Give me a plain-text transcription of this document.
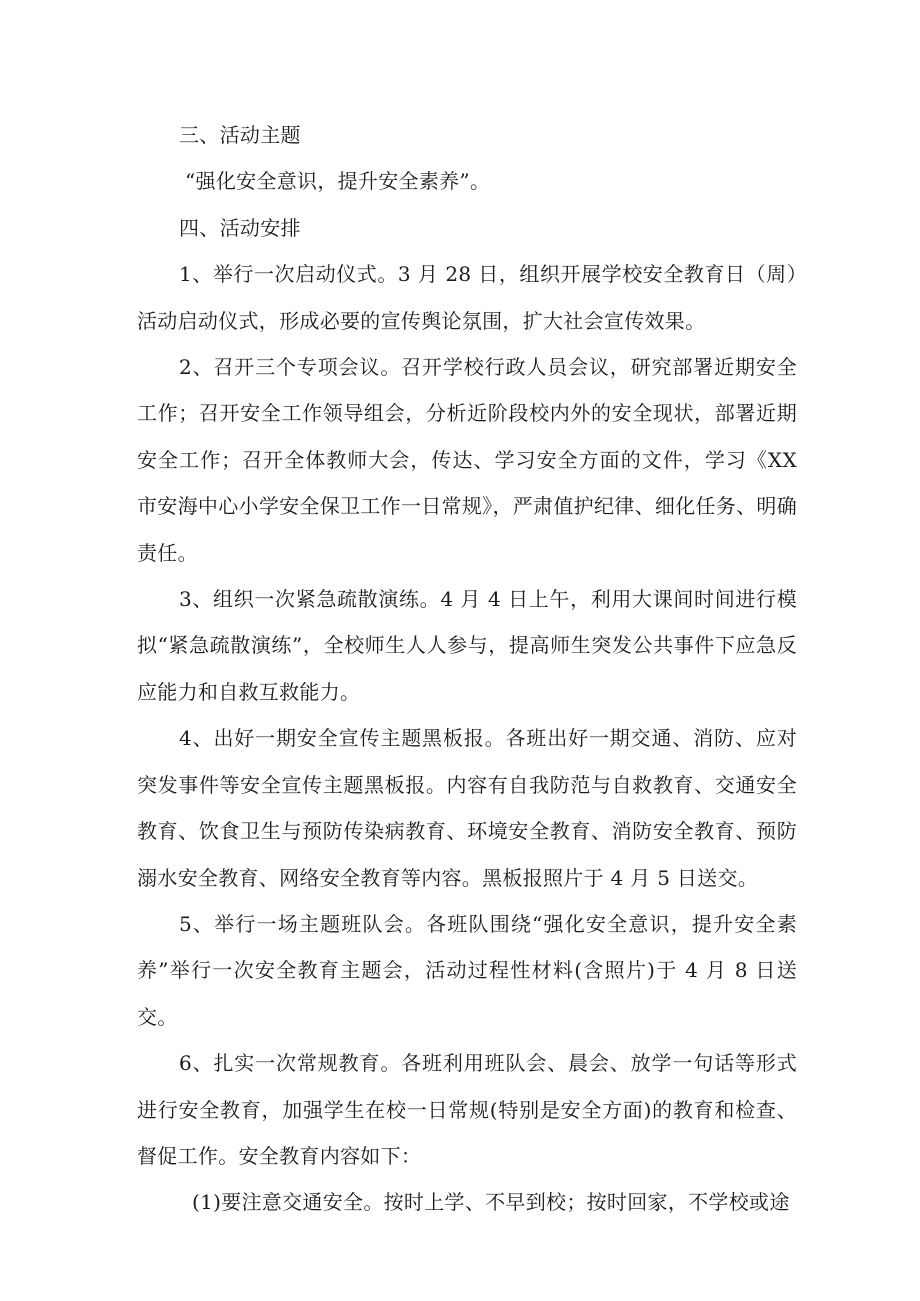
三、活动主题

“强化安全意识，提升安全素养”。

四、活动安排

1、举行一次启动仪式。3 月 28 日，组织开展学校安全教育日（周）活动启动仪式，形成必要的宣传舆论氛围，扩大社会宣传效果。

2、召开三个专项会议。召开学校行政人员会议，研究部署近期安全工作；召开安全工作领导组会，分析近阶段校内外的安全现状，部署近期安全工作；召开全体教师大会，传达、学习安全方面的文件，学习《XX 市安海中心小学安全保卫工作一日常规》，严肃值护纪律、细化任务、明确责任。

3、组织一次紧急疏散演练。4 月 4 日上午，利用大课间时间进行模拟“紧急疏散演练”，全校师生人人参与，提高师生突发公共事件下应急反应能力和自救互救能力。

4、出好一期安全宣传主题黑板报。各班出好一期交通、消防、应对突发事件等安全宣传主题黑板报。内容有自我防范与自救教育、交通安全教育、饮食卫生与预防传染病教育、环境安全教育、消防安全教育、预防溺水安全教育、网络安全教育等内容。黑板报照片于 4 月 5 日送交。

5、举行一场主题班队会。各班队围绕“强化安全意识，提升安全素养”举行一次安全教育主题会，活动过程性材料(含照片)于 4 月 8 日送交。

6、扎实一次常规教育。各班利用班队会、晨会、放学一句话等形式进行安全教育，加强学生在校一日常规(特别是安全方面)的教育和检查、督促工作。安全教育内容如下：

(1)要注意交通安全。按时上学、不早到校；按时回家，不学校或途
